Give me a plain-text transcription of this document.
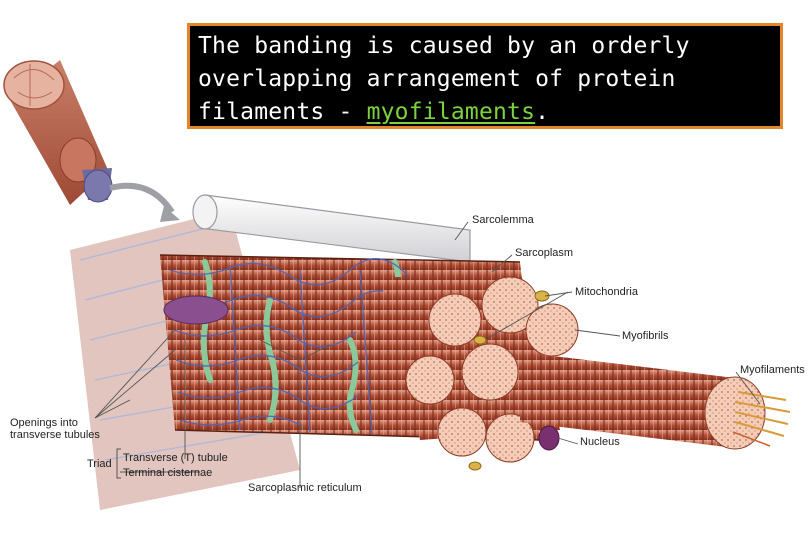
The banding is caused by an orderly
overlapping arrangement of protein
filaments - myofilaments.
Sarcolemma
Sarcoplasm
Mitochondria
Myofibrils
Myofilaments
Nucleus
Openings into
transverse tubules
Triad Transverse (T) tubule
Terminal cisternae
Sarcoplasmic reticulum
